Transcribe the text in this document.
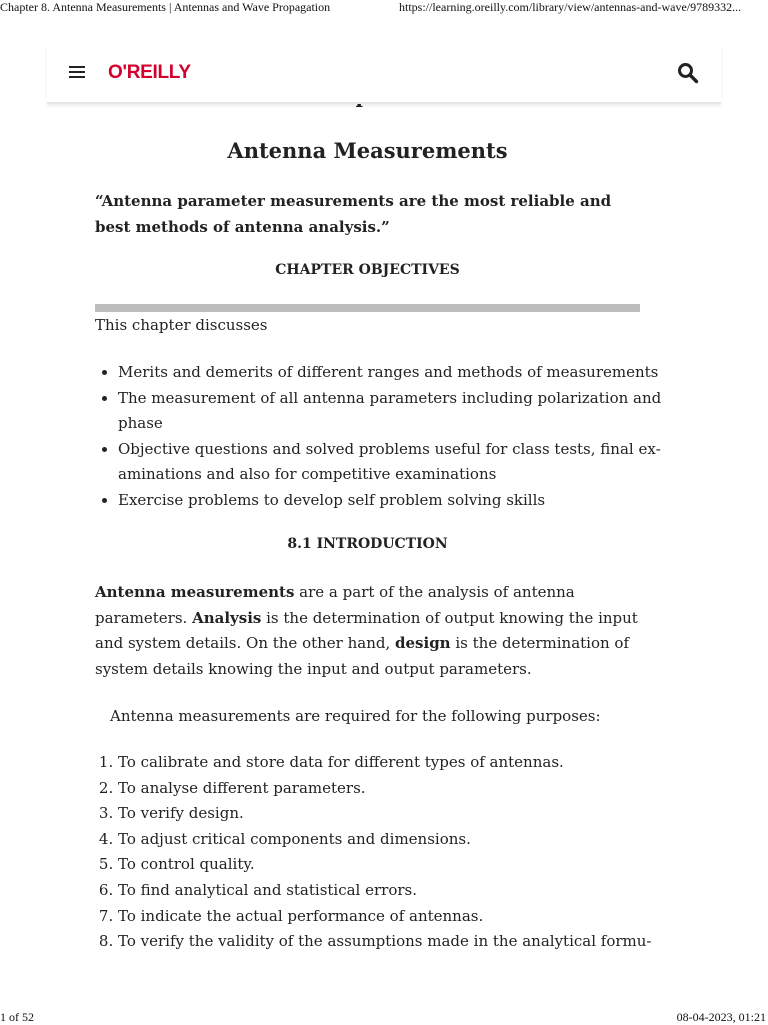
Chapter 8. Antenna Measurements | Antennas and Wave Propagation	https://learning.oreilly.com/library/view/antennas-and-wave/9789332...
O'REILLY
Antenna Measurements

“Antenna parameter measurements are the most reliable and best methods of antenna analysis.”

CHAPTER OBJECTIVES

This chapter discusses

• Merits and demerits of different ranges and methods of measurements
• The measurement of all antenna parameters including polarization and phase
• Objective questions and solved problems useful for class tests, final examinations and also for competitive examinations
• Exercise problems to develop self problem solving skills
8.1 INTRODUCTION

Antenna measurements are a part of the analysis of antenna parameters. Analysis is the determination of output knowing the input and system details. On the other hand, design is the determination of system details knowing the input and output parameters.

Antenna measurements are required for the following purposes:

1. To calibrate and store data for different types of antennas.
2. To analyse different parameters.
3. To verify design.
4. To adjust critical components and dimensions.
5. To control quality.
6. To find analytical and statistical errors.
7. To indicate the actual performance of antennas.
8. To verify the validity of the assumptions made in the analytical formu-
1 of 52	08-04-2023, 01:21
